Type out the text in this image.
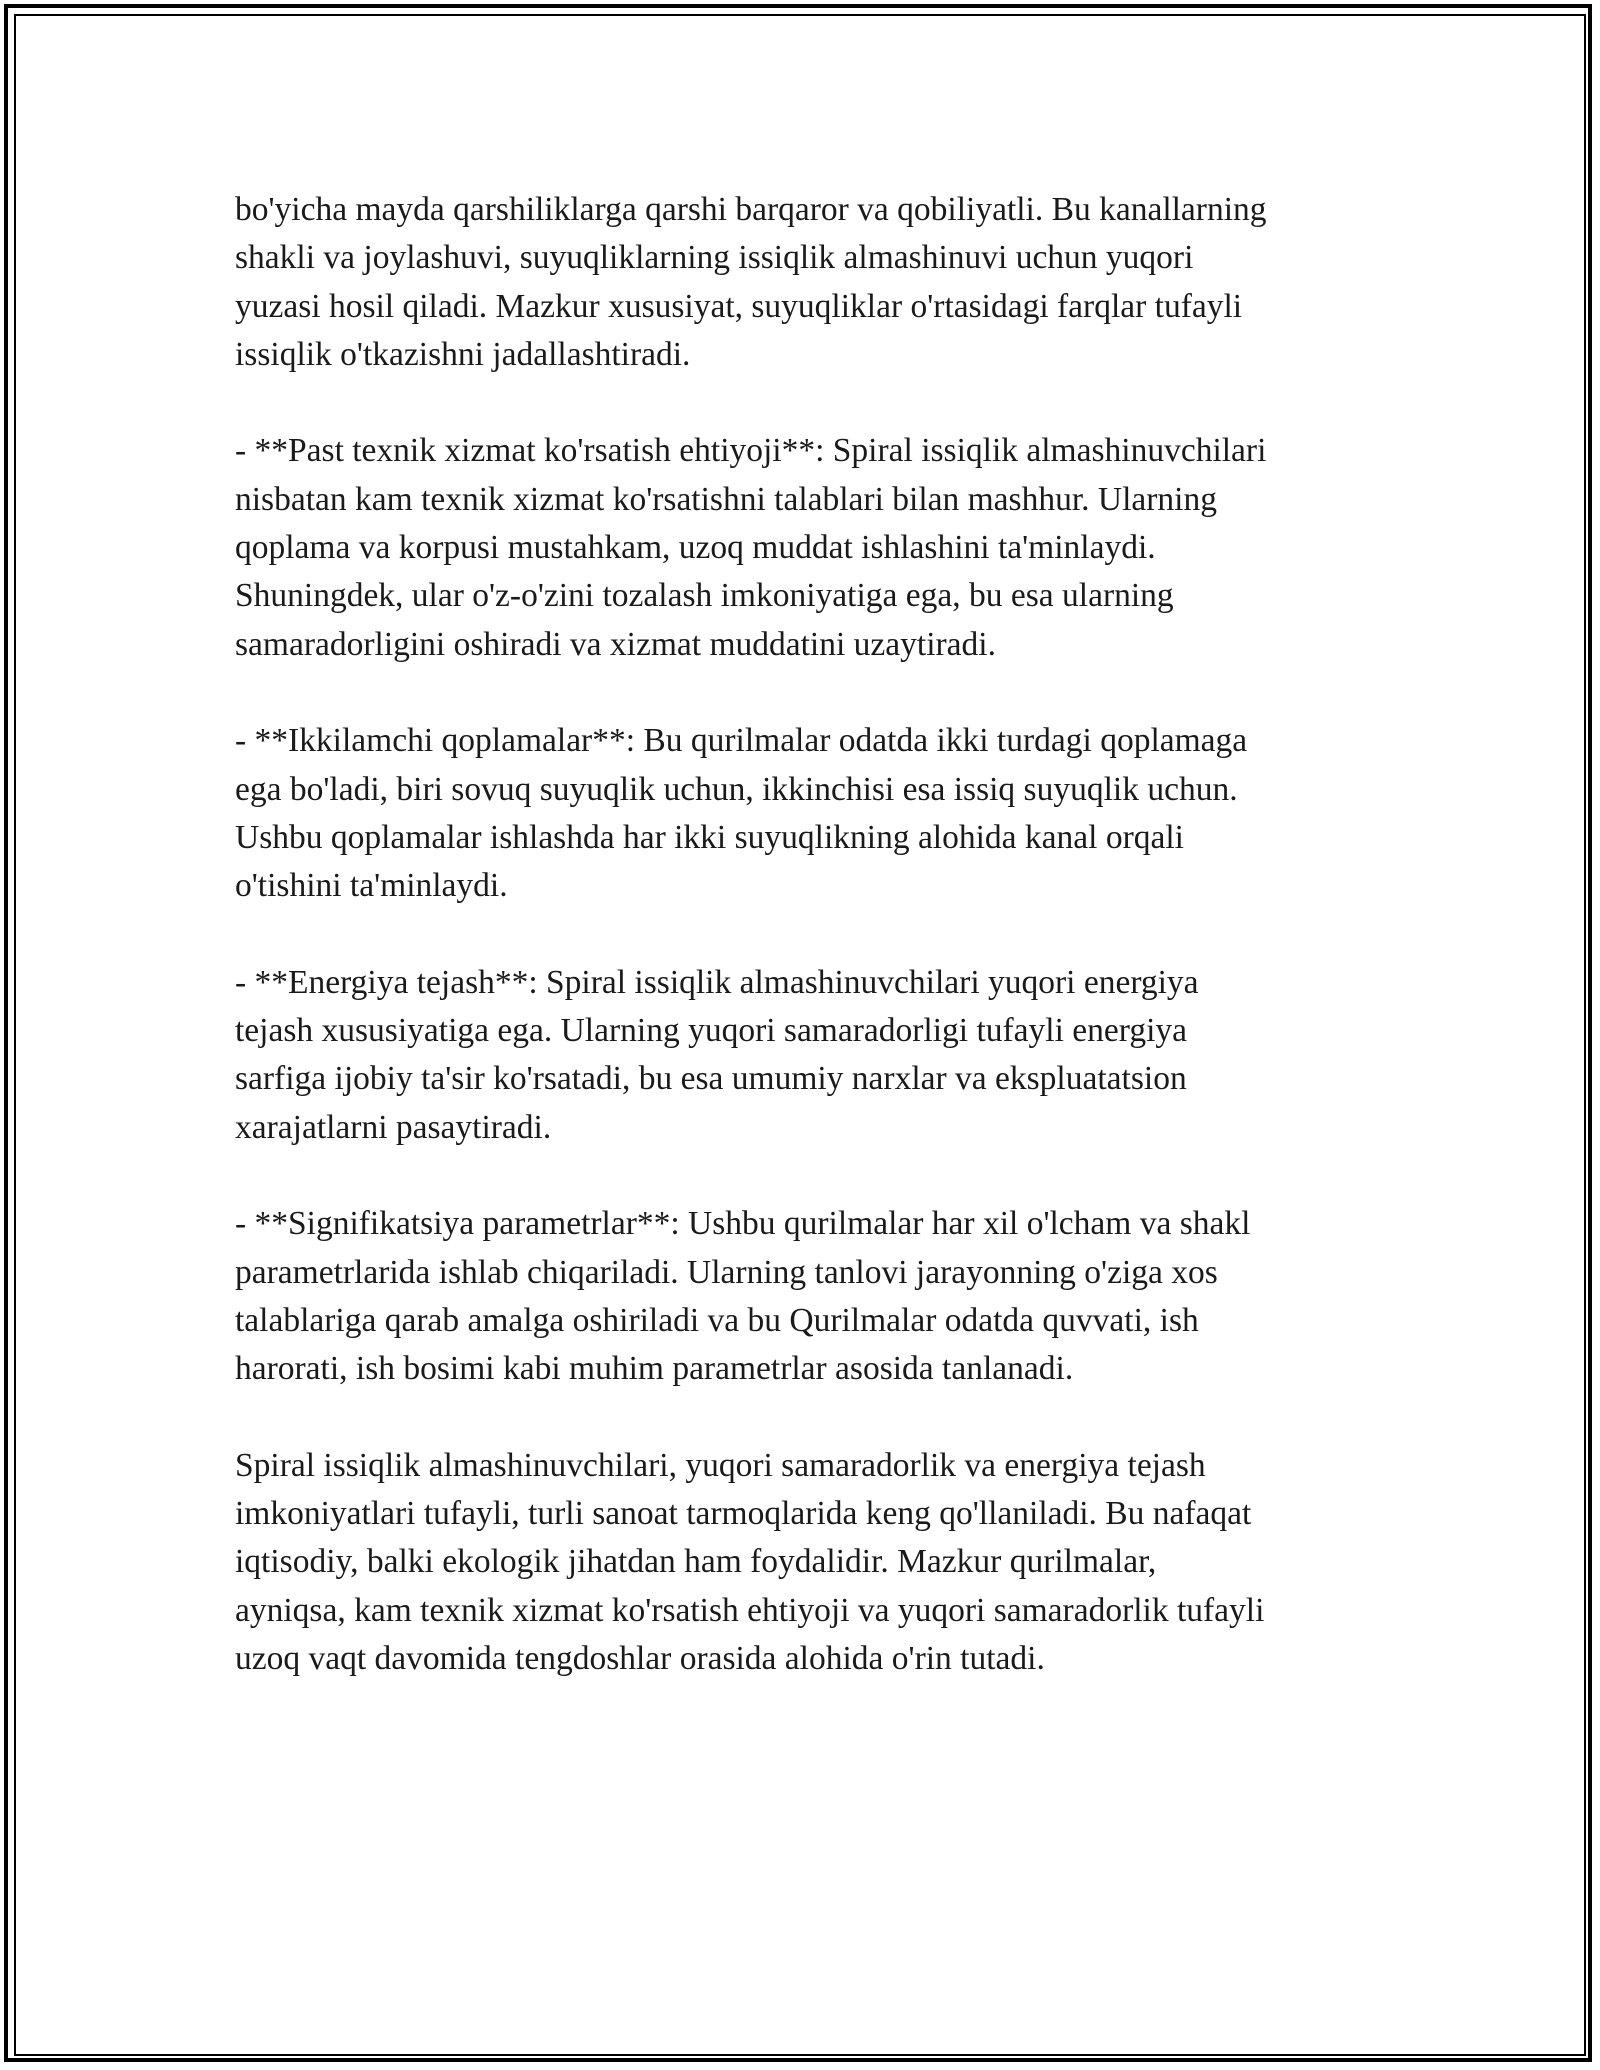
bo'yicha mayda qarshiliklarga qarshi barqaror va qobiliyatli. Bu kanallarning
shakli va joylashuvi, suyuqliklarning issiqlik almashinuvi uchun yuqori
yuzasi hosil qiladi. Mazkur xususiyat, suyuqliklar o'rtasidagi farqlar tufayli
issiqlik o'tkazishni jadallashtiradi.

- **Past texnik xizmat ko'rsatish ehtiyoji**: Spiral issiqlik almashinuvchilari
nisbatan kam texnik xizmat ko'rsatishni talablari bilan mashhur. Ularning
qoplama va korpusi mustahkam, uzoq muddat ishlashini ta'minlaydi.
Shuningdek, ular o'z-o'zini tozalash imkoniyatiga ega, bu esa ularning
samaradorligini oshiradi va xizmat muddatini uzaytiradi.

- **Ikkilamchi qoplamalar**: Bu qurilmalar odatda ikki turdagi qoplamaga
ega bo'ladi, biri sovuq suyuqlik uchun, ikkinchisi esa issiq suyuqlik uchun.
Ushbu qoplamalar ishlashda har ikki suyuqlikning alohida kanal orqali
o'tishini ta'minlaydi.

- **Energiya tejash**: Spiral issiqlik almashinuvchilari yuqori energiya
tejash xususiyatiga ega. Ularning yuqori samaradorligi tufayli energiya
sarfiga ijobiy ta'sir ko'rsatadi, bu esa umumiy narxlar va ekspluatatsion
xarajatlarni pasaytiradi.

- **Signifikatsiya parametrlar**: Ushbu qurilmalar har xil o'lcham va shakl
parametrlarida ishlab chiqariladi. Ularning tanlovi jarayonning o'ziga xos
talablariga qarab amalga oshiriladi va bu Qurilmalar odatda quvvati, ish
harorati, ish bosimi kabi muhim parametrlar asosida tanlanadi.

Spiral issiqlik almashinuvchilari, yuqori samaradorlik va energiya tejash
imkoniyatlari tufayli, turli sanoat tarmoqlarida keng qo'llaniladi. Bu nafaqat
iqtisodiy, balki ekologik jihatdan ham foydalidir. Mazkur qurilmalar,
ayniqsa, kam texnik xizmat ko'rsatish ehtiyoji va yuqori samaradorlik tufayli
uzoq vaqt davomida tengdoshlar orasida alohida o'rin tutadi.
